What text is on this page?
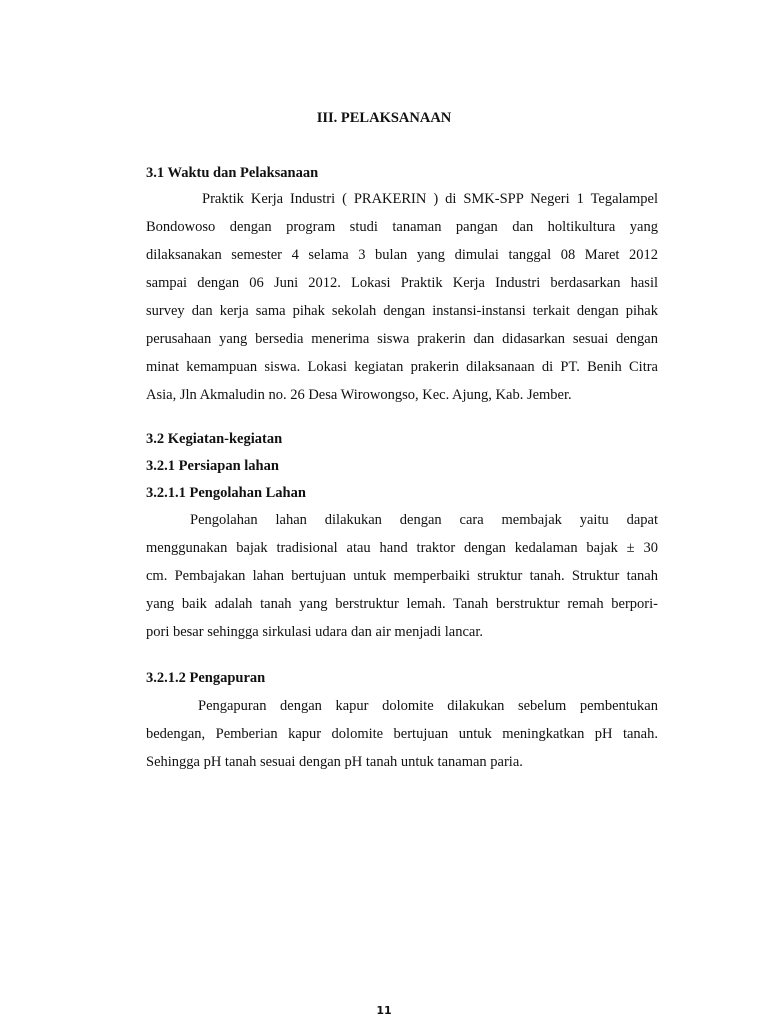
III. PELAKSANAAN
3.1 Waktu dan Pelaksanaan
Praktik Kerja Industri ( PRAKERIN ) di SMK-SPP Negeri 1 Tegalampel
Bondowoso dengan program studi tanaman pangan dan holtikultura yang
dilaksanakan semester 4 selama 3 bulan yang dimulai tanggal 08 Maret 2012
sampai dengan 06 Juni 2012. Lokasi Praktik Kerja Industri berdasarkan hasil
survey dan kerja sama pihak sekolah dengan instansi-instansi terkait dengan pihak
perusahaan yang bersedia menerima siswa prakerin dan didasarkan sesuai dengan
minat kemampuan siswa. Lokasi kegiatan prakerin dilaksanaan di PT. Benih Citra
Asia, Jln Akmaludin no. 26 Desa Wirowongso, Kec. Ajung, Kab. Jember.
3.2 Kegiatan-kegiatan
3.2.1 Persiapan lahan
3.2.1.1 Pengolahan Lahan
Pengolahan lahan dilakukan dengan cara membajak yaitu dapat
menggunakan bajak tradisional atau hand traktor dengan kedalaman bajak ± 30
cm. Pembajakan lahan bertujuan untuk memperbaiki struktur tanah. Struktur tanah
yang baik adalah tanah yang berstruktur lemah. Tanah berstruktur remah berpori-
pori besar sehingga sirkulasi udara dan air menjadi lancar.
3.2.1.2 Pengapuran
Pengapuran dengan kapur dolomite dilakukan sebelum pembentukan
bedengan, Pemberian kapur dolomite bertujuan untuk meningkatkan pH tanah.
Sehingga pH tanah sesuai dengan pH tanah untuk tanaman paria.
11
